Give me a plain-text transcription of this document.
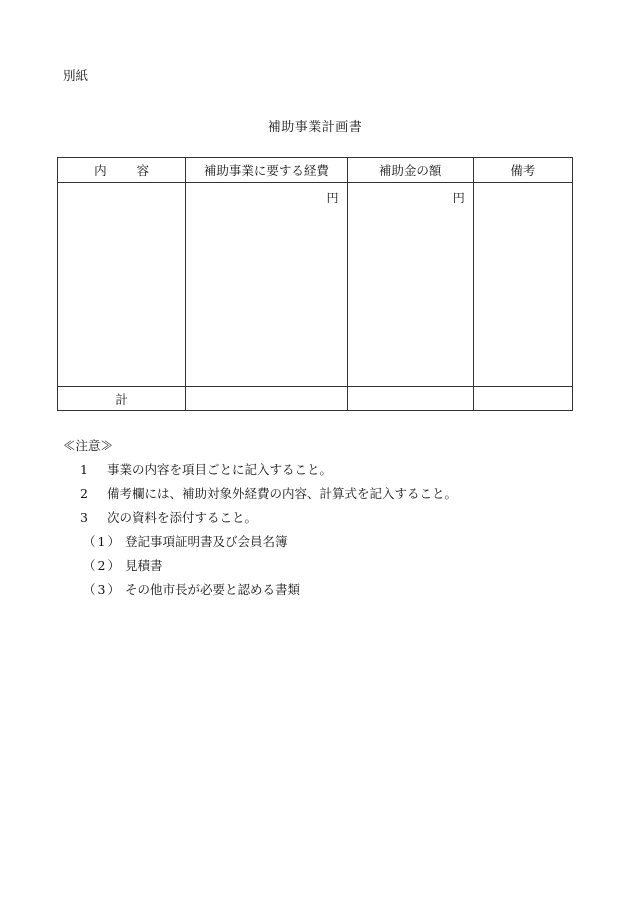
別紙
補助事業計画書
内 容	補助事業に要する経費	補助金の額	備考

	円	円	

計			
≪注意≫
1 事業の内容を項目ごとに記入すること。
2 備考欄には、補助対象外経費の内容、計算式を記入すること。
3 次の資料を添付すること。
（1） 登記事項証明書及び会員名簿
（2） 見積書
（3） その他市長が必要と認める書類
